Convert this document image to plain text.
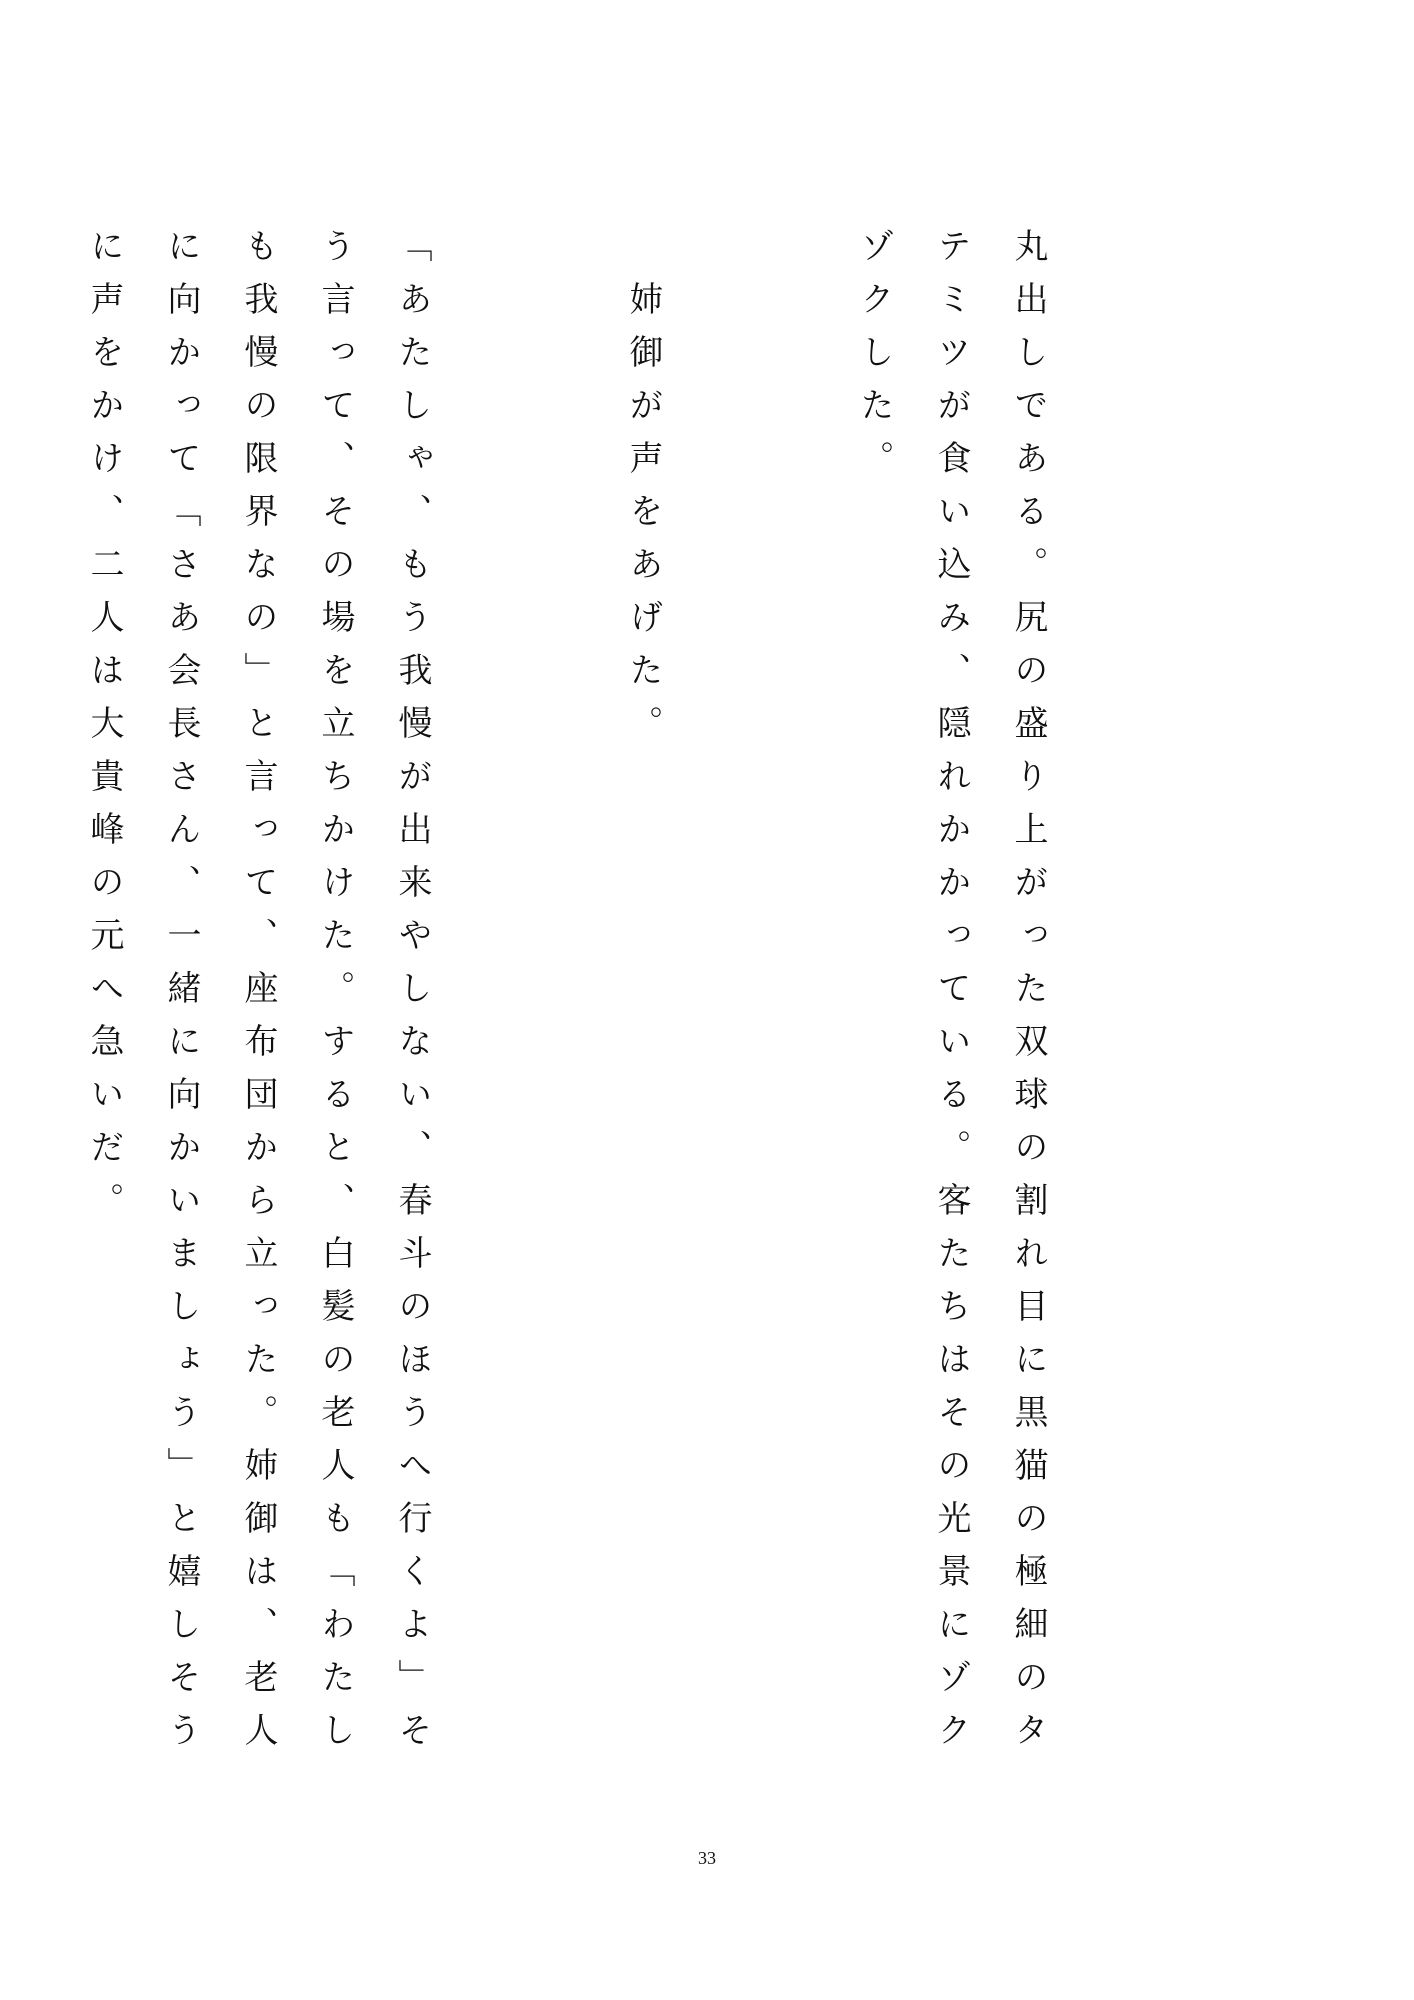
丸出しである。尻の盛り上がった双球の割れ目に黒猫の極細のタテミツが食い込み、隠れかかっている。客たちはその光景にゾクゾクした。

　姉御が声をあげた。

「あたしゃ、もう我慢が出来やしない、春斗のほうへ行くよ」そう言って、その場を立ちかけた。すると、白髪の老人も「わたしも我慢の限界なの」と言って、座布団から立った。姉御は、老人に向かって「さあ会長さん、一緒に向かいましょう」と嬉しそうに声をかけ、二人は大貴峰の元へ急いだ。

33
